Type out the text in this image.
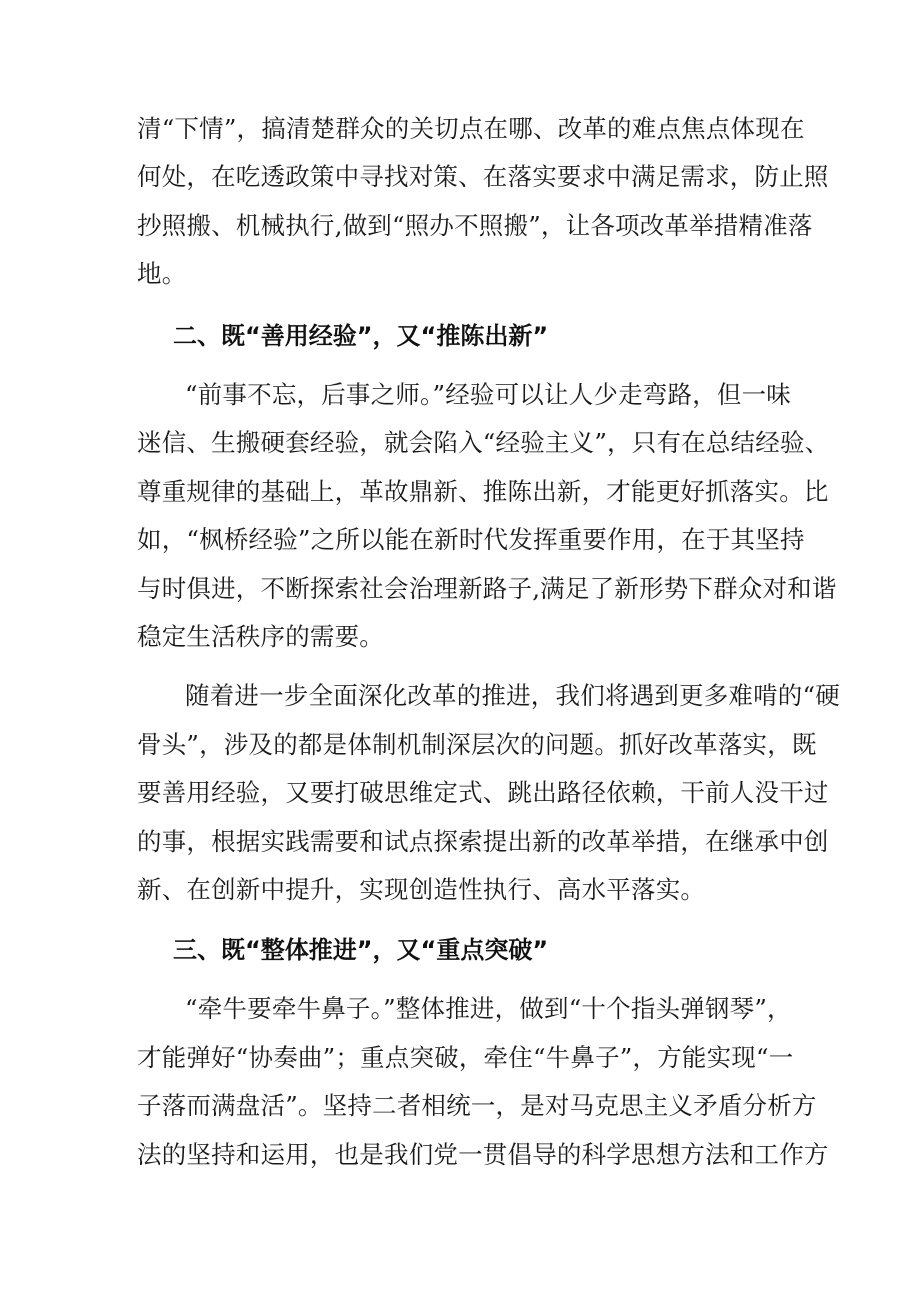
清“下情”，搞清楚群众的关切点在哪、改革的难点焦点体现在

何处，在吃透政策中寻找对策、在落实要求中满足需求，防止照

抄照搬、机械执行,做到“照办不照搬”，让各项改革举措精准落

地。

二、既“善用经验”，又“推陈出新”

“前事不忘，后事之师。”经验可以让人少走弯路，但一味

迷信、生搬硬套经验，就会陷入“经验主义”，只有在总结经验、

尊重规律的基础上，革故鼎新、推陈出新，才能更好抓落实。比

如，“枫桥经验”之所以能在新时代发挥重要作用，在于其坚持

与时俱进，不断探索社会治理新路子,满足了新形势下群众对和谐

稳定生活秩序的需要。

随着进一步全面深化改革的推进，我们将遇到更多难啃的“硬

骨头”，涉及的都是体制机制深层次的问题。抓好改革落实，既

要善用经验，又要打破思维定式、跳出路径依赖，干前人没干过

的事，根据实践需要和试点探索提出新的改革举措，在继承中创

新、在创新中提升，实现创造性执行、高水平落实。

三、既“整体推进”，又“重点突破”

“牵牛要牵牛鼻子。”整体推进，做到“十个指头弹钢琴”，

才能弹好“协奏曲”；重点突破，牵住“牛鼻子”，方能实现“一

子落而满盘活”。坚持二者相统一，是对马克思主义矛盾分析方

法的坚持和运用，也是我们党一贯倡导的科学思想方法和工作方
